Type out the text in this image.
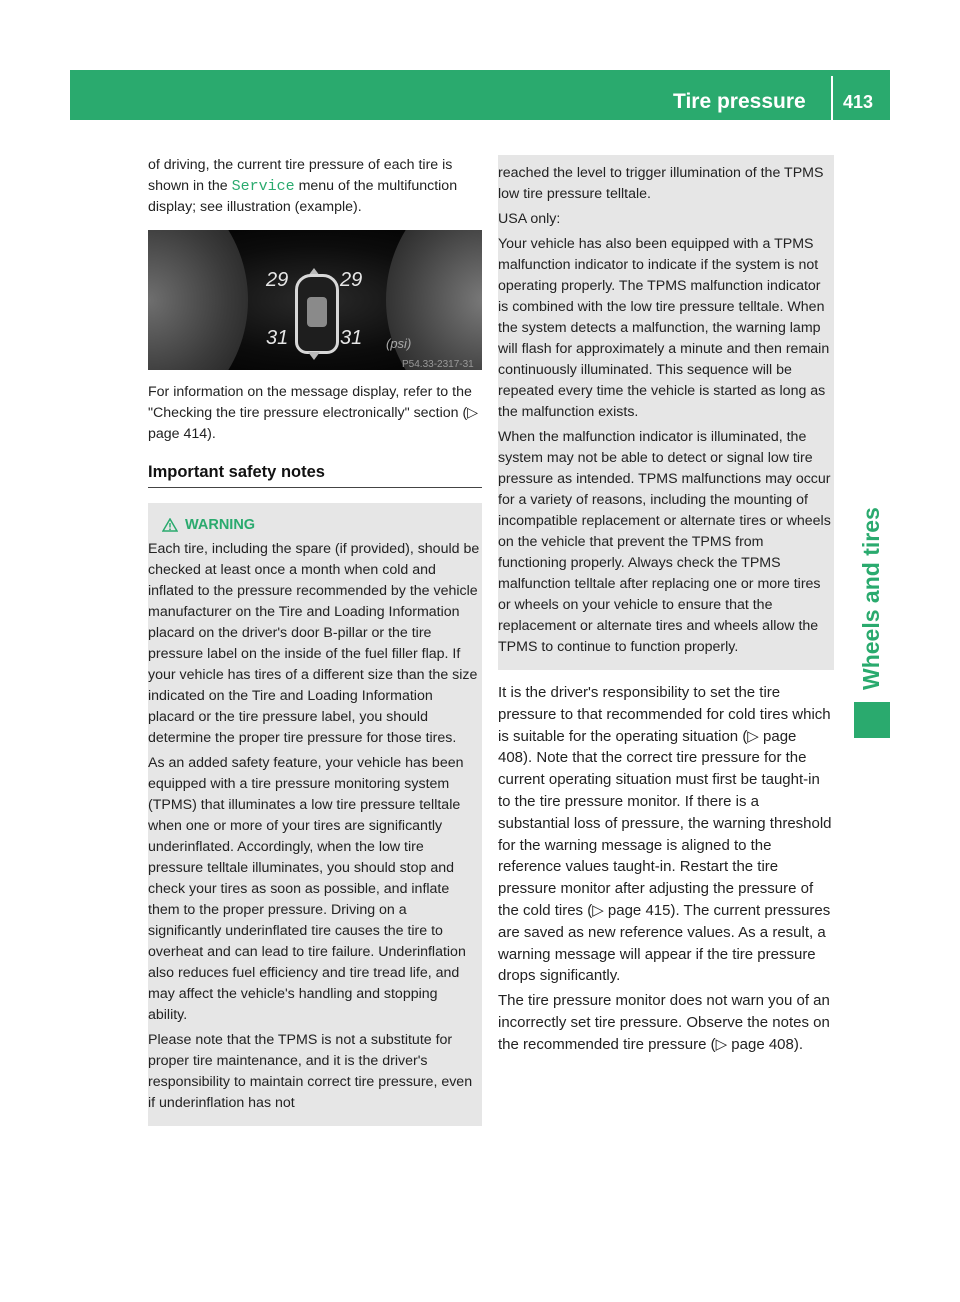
Tire pressure 413
Wheels and tires

of driving, the current tire pressure of each tire is shown in the Service menu of the multifunction display; see illustration (example).

29	29
31	31 (psi)
P54.33-2317-31

For information on the message display, refer to the "Checking the tire pressure electronically" section (▷ page 414).

Important safety notes
WARNING

Each tire, including the spare (if provided), should be checked at least once a month when cold and inflated to the pressure recommended by the vehicle manufacturer on the Tire and Loading Information placard on the driver's door B-pillar or the tire pressure label on the inside of the fuel filler flap. If your vehicle has tires of a different size than the size indicated on the Tire and Loading Information placard or the tire pressure label, you should determine the proper tire pressure for those tires.

As an added safety feature, your vehicle has been equipped with a tire pressure monitoring system (TPMS) that illuminates a low tire pressure telltale when one or more of your tires are significantly underinflated. Accordingly, when the low tire pressure telltale illuminates, you should stop and check your tires as soon as possible, and inflate them to the proper pressure. Driving on a significantly underinflated tire causes the tire to overheat and can lead to tire failure. Underinflation also reduces fuel efficiency and tire tread life, and may affect the vehicle's handling and stopping ability.

Please note that the TPMS is not a substitute for proper tire maintenance, and it is the driver's responsibility to maintain correct tire pressure, even if underinflation has not

reached the level to trigger illumination of the TPMS low tire pressure telltale.

USA only:

Your vehicle has also been equipped with a TPMS malfunction indicator to indicate if the system is not operating properly. The TPMS malfunction indicator is combined with the low tire pressure telltale. When the system detects a malfunction, the warning lamp will flash for approximately a minute and then remain continuously illuminated. This sequence will be repeated every time the vehicle is started as long as the malfunction exists.

When the malfunction indicator is illuminated, the system may not be able to detect or signal low tire pressure as intended. TPMS malfunctions may occur for a variety of reasons, including the mounting of incompatible replacement or alternate tires or wheels on the vehicle that prevent the TPMS from functioning properly. Always check the TPMS malfunction telltale after replacing one or more tires or wheels on your vehicle to ensure that the replacement or alternate tires and wheels allow the TPMS to continue to function properly.

It is the driver's responsibility to set the tire pressure to that recommended for cold tires which is suitable for the operating situation (▷ page 408). Note that the correct tire pressure for the current operating situation must first be taught-in to the tire pressure monitor. If there is a substantial loss of pressure, the warning threshold for the warning message is aligned to the reference values taught-in. Restart the tire pressure monitor after adjusting the pressure of the cold tires (▷ page 415). The current pressures are saved as new reference values. As a result, a warning message will appear if the tire pressure drops significantly.

The tire pressure monitor does not warn you of an incorrectly set tire pressure. Observe the notes on the recommended tire pressure (▷ page 408).
